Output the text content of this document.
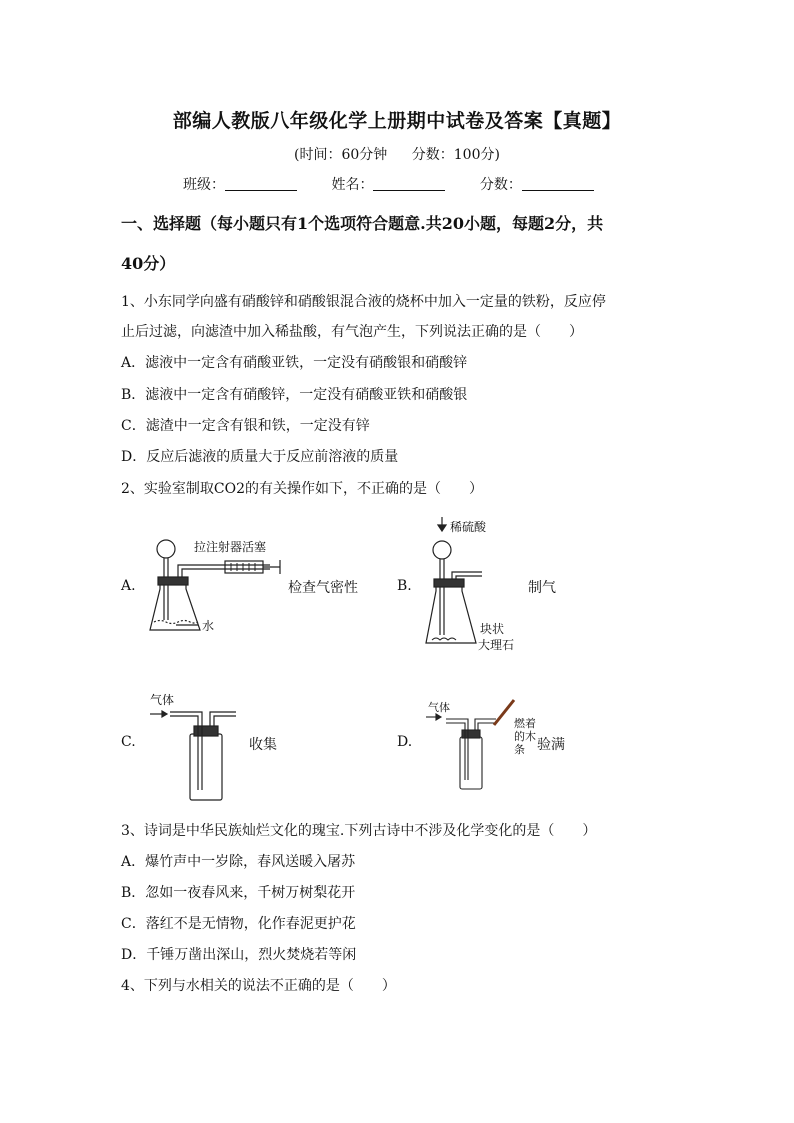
部编人教版八年级化学上册期中试卷及答案【真题】
(时间：60分钟 分数：100分)
班级：	姓名：	分数：
一、选择题（每小题只有1个选项符合题意.共20小题，每题2分，共
40分）
1、小东同学向盛有硝酸锌和硝酸银混合液的烧杯中加入一定量的铁粉，反应停
止后过滤，向滤渣中加入稀盐酸，有气泡产生，下列说法正确的是（　　）
A．滤液中一定含有硝酸亚铁，一定没有硝酸银和硝酸锌
B．滤液中一定含有硝酸锌，一定没有硝酸亚铁和硝酸银
C．滤渣中一定含有银和铁，一定没有锌
D．反应后滤液的质量大于反应前溶液的质量
2、实验室制取CO2的有关操作如下，不正确的是（　　）
A.
拉注射器活塞
水
检查气密性	B.
稀硫酸
块状
大理石
制气
C.
气体
收集	D.
气体
燃着
的木
条 验满
3、诗词是中华民族灿烂文化的瑰宝.下列古诗中不涉及化学变化的是（　　）
A．爆竹声中一岁除，春风送暖入屠苏
B．忽如一夜春风来，千树万树梨花开
C．落红不是无情物，化作春泥更护花
D．千锤万凿出深山，烈火焚烧若等闲
4、下列与水相关的说法不正确的是（　　）
